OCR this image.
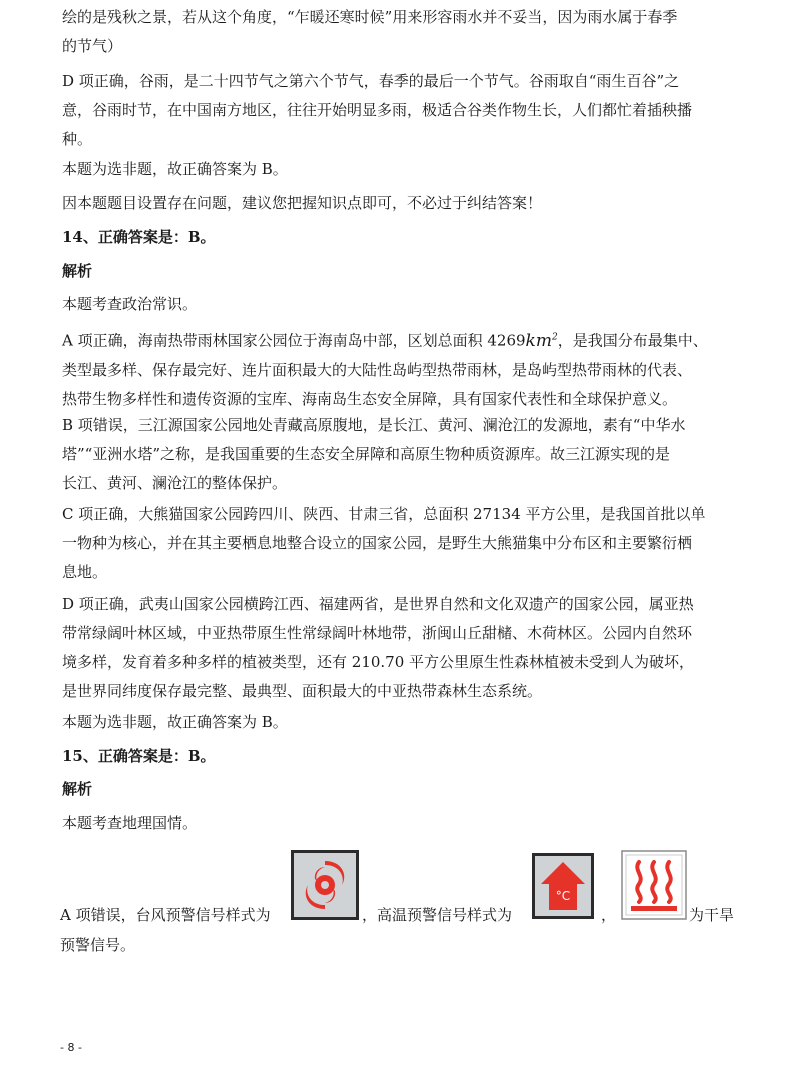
绘的是残秋之景，若从这个角度，“乍暖还寒时候”用来形容雨水并不妥当，因为雨水属于春季
的节气）
D 项正确，谷雨，是二十四节气之第六个节气，春季的最后一个节气。谷雨取自“雨生百谷”之
意，谷雨时节，在中国南方地区，往往开始明显多雨，极适合谷类作物生长，人们都忙着插秧播
种。
本题为选非题，故正确答案为 B。
因本题题目设置存在问题，建议您把握知识点即可，不必过于纠结答案！
14、正确答案是：B。
解析
本题考查政治常识。
A 项正确，海南热带雨林国家公园位于海南岛中部，区划总面积 $4269km^2$，是我国分布最集中、
类型最多样、保存最完好、连片面积最大的大陆性岛屿型热带雨林，是岛屿型热带雨林的代表、
热带生物多样性和遗传资源的宝库、海南岛生态安全屏障，具有国家代表性和全球保护意义。
B 项错误，三江源国家公园地处青藏高原腹地，是长江、黄河、澜沧江的发源地，素有“中华水
塔”“亚洲水塔”之称，是我国重要的生态安全屏障和高原生物种质资源库。故三江源实现的是
长江、黄河、澜沧江的整体保护。
C 项正确，大熊猫国家公园跨四川、陕西、甘肃三省，总面积 27134 平方公里，是我国首批以单
一物种为核心，并在其主要栖息地整合设立的国家公园，是野生大熊猫集中分布区和主要繁衍栖
息地。
D 项正确，武夷山国家公园横跨江西、福建两省，是世界自然和文化双遗产的国家公园，属亚热
带常绿阔叶林区域，中亚热带原生性常绿阔叶林地带，浙闽山丘甜槠、木荷林区。公园内自然环
境多样，发育着多种多样的植被类型，还有 210.70 平方公里原生性森林植被未受到人为破坏，
是世界同纬度保存最完整、最典型、面积最大的中亚热带森林生态系统。
本题为选非题，故正确答案为 B。
15、正确答案是：B。
解析
本题考查地理国情。
A 项错误，台风预警信号样式为	，高温预警信号样式为	，	为干旱
预警信号。
°C
- 8 -
